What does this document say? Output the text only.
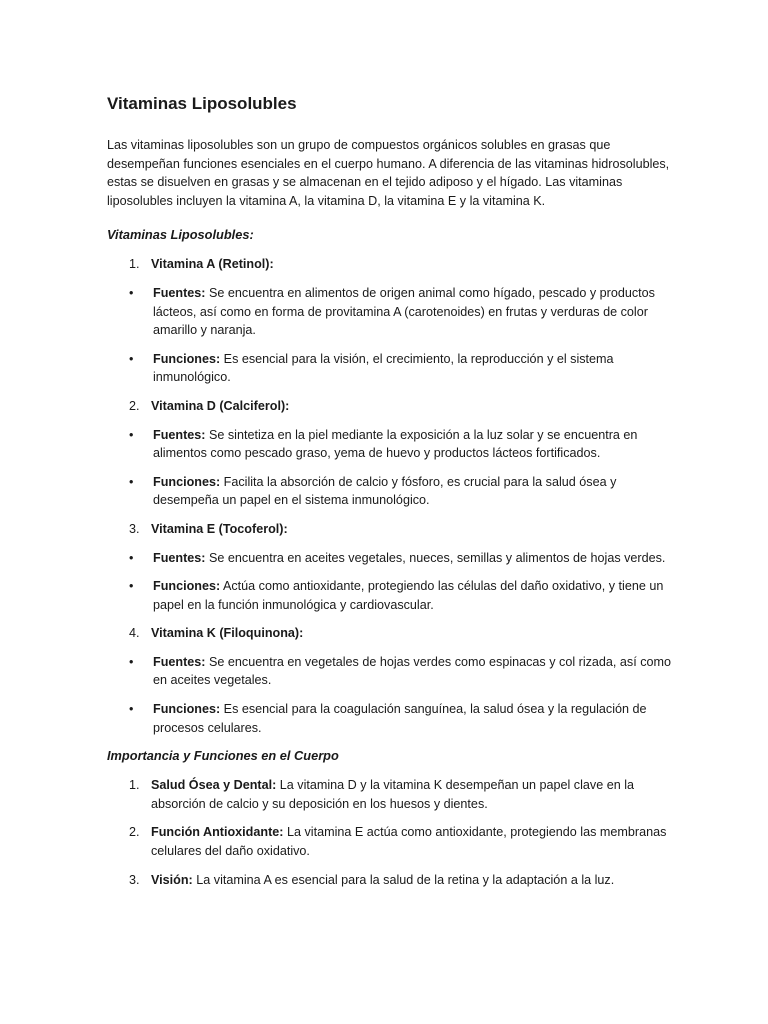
Vitaminas Liposolubles

Las vitaminas liposolubles son un grupo de compuestos orgánicos solubles en grasas que desempeñan funciones esenciales en el cuerpo humano. A diferencia de las vitaminas hidrosolubles, estas se disuelven en grasas y se almacenan en el tejido adiposo y el hígado. Las vitaminas liposolubles incluyen la vitamina A, la vitamina D, la vitamina E y la vitamina K.

Vitaminas Liposolubles:
1. Vitamina A (Retinol):
• Fuentes: Se encuentra en alimentos de origen animal como hígado, pescado y productos lácteos, así como en forma de provitamina A (carotenoides) en frutas y verduras de color amarillo y naranja.
• Funciones: Es esencial para la visión, el crecimiento, la reproducción y el sistema inmunológico.
2. Vitamina D (Calciferol):
• Fuentes: Se sintetiza en la piel mediante la exposición a la luz solar y se encuentra en alimentos como pescado graso, yema de huevo y productos lácteos fortificados.
• Funciones: Facilita la absorción de calcio y fósforo, es crucial para la salud ósea y desempeña un papel en el sistema inmunológico.
3. Vitamina E (Tocoferol):
• Fuentes: Se encuentra en aceites vegetales, nueces, semillas y alimentos de hojas verdes.
• Funciones: Actúa como antioxidante, protegiendo las células del daño oxidativo, y tiene un papel en la función inmunológica y cardiovascular.
4. Vitamina K (Filoquinona):
• Fuentes: Se encuentra en vegetales de hojas verdes como espinacas y col rizada, así como en aceites vegetales.
• Funciones: Es esencial para la coagulación sanguínea, la salud ósea y la regulación de procesos celulares.
Importancia y Funciones en el Cuerpo
1. Salud Ósea y Dental: La vitamina D y la vitamina K desempeñan un papel clave en la absorción de calcio y su deposición en los huesos y dientes.
2. Función Antioxidante: La vitamina E actúa como antioxidante, protegiendo las membranas celulares del daño oxidativo.
3. Visión: La vitamina A es esencial para la salud de la retina y la adaptación a la luz.
